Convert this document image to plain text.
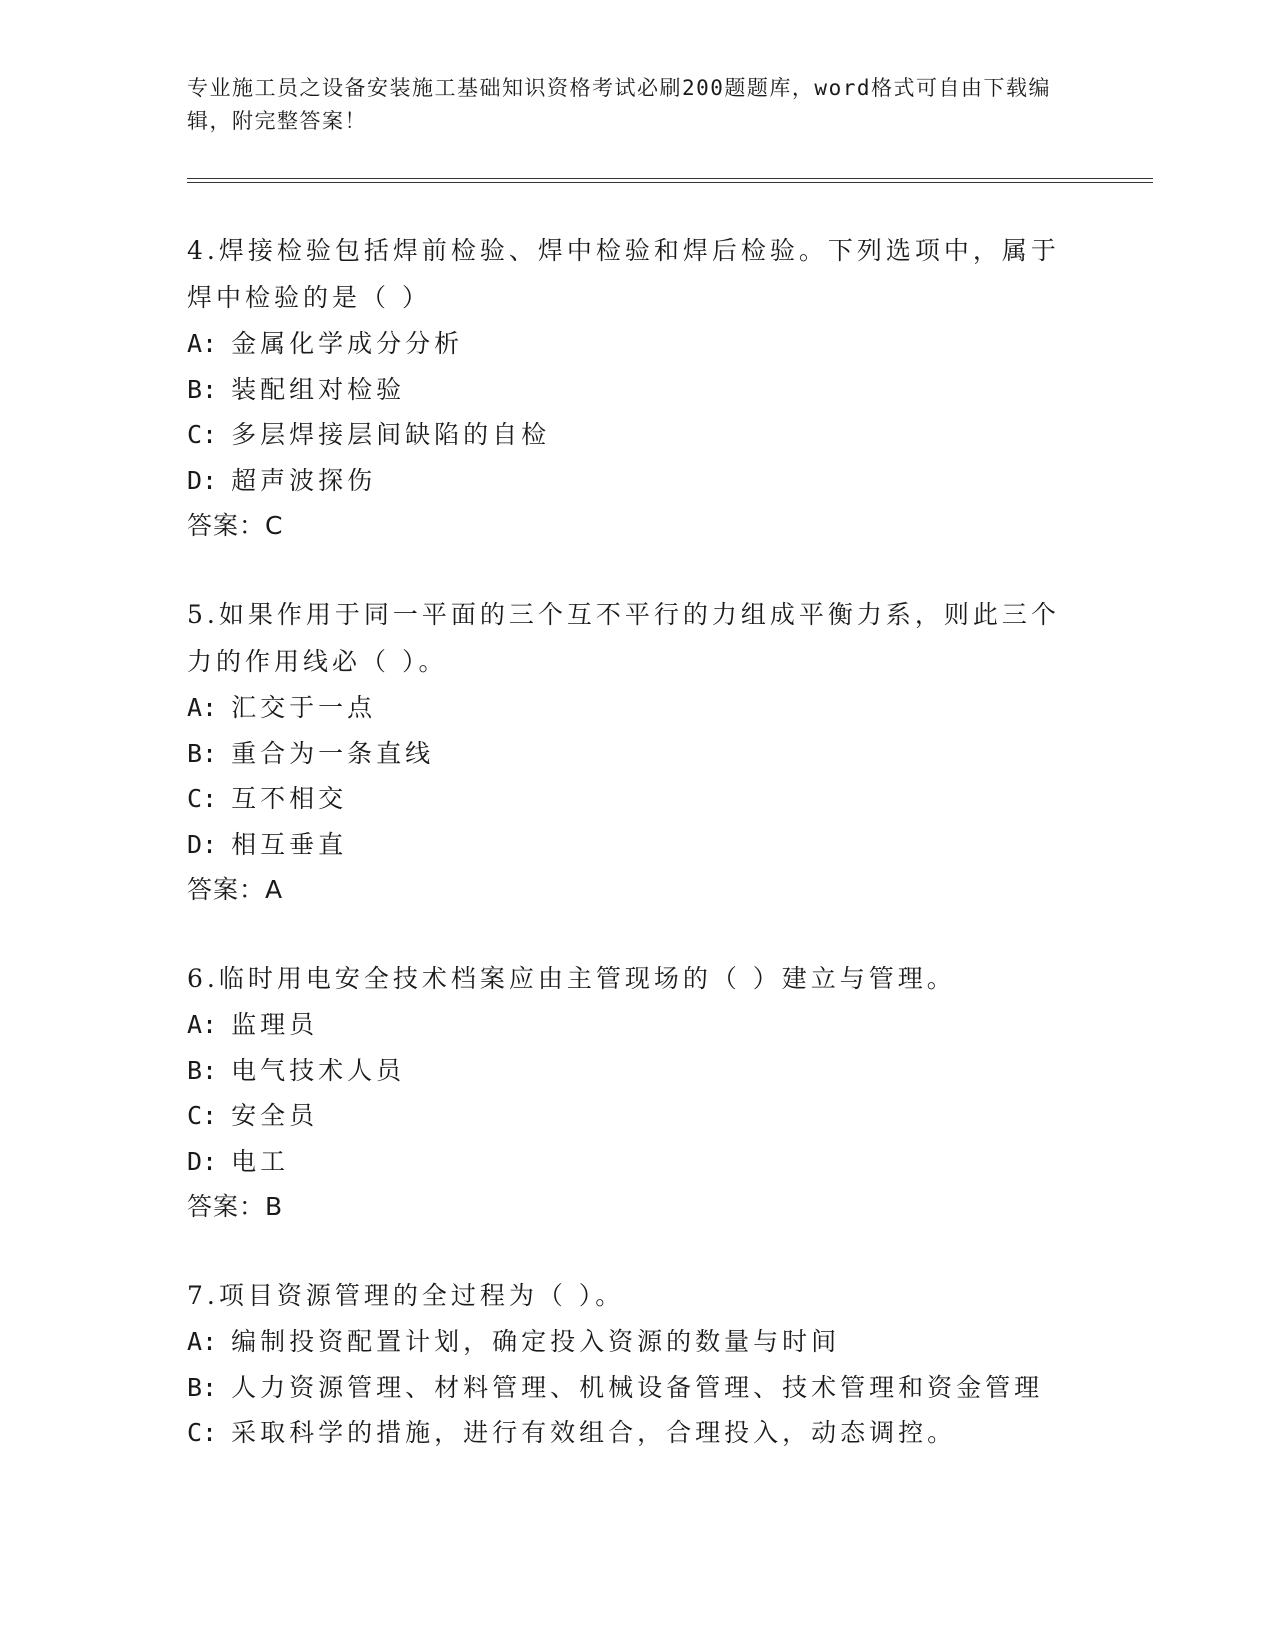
专业施工员之设备安装施工基础知识资格考试必刷200题题库，word格式可自由下载编辑，附完整答案！
4.焊接检验包括焊前检验、焊中检验和焊后检验。下列选项中，属于焊中检验的是（ ）
A: 金属化学成分分析
B: 装配组对检验
C: 多层焊接层间缺陷的自检
D: 超声波探伤
答案：C
5.如果作用于同一平面的三个互不平行的力组成平衡力系，则此三个力的作用线必（ ）。
A: 汇交于一点
B: 重合为一条直线
C: 互不相交
D: 相互垂直
答案：A
6.临时用电安全技术档案应由主管现场的（ ）建立与管理。
A: 监理员
B: 电气技术人员
C: 安全员
D: 电工
答案：B
7.项目资源管理的全过程为（ ）。
A: 编制投资配置计划，确定投入资源的数量与时间
B: 人力资源管理、材料管理、机械设备管理、技术管理和资金管理
C: 采取科学的措施，进行有效组合，合理投入，动态调控。
